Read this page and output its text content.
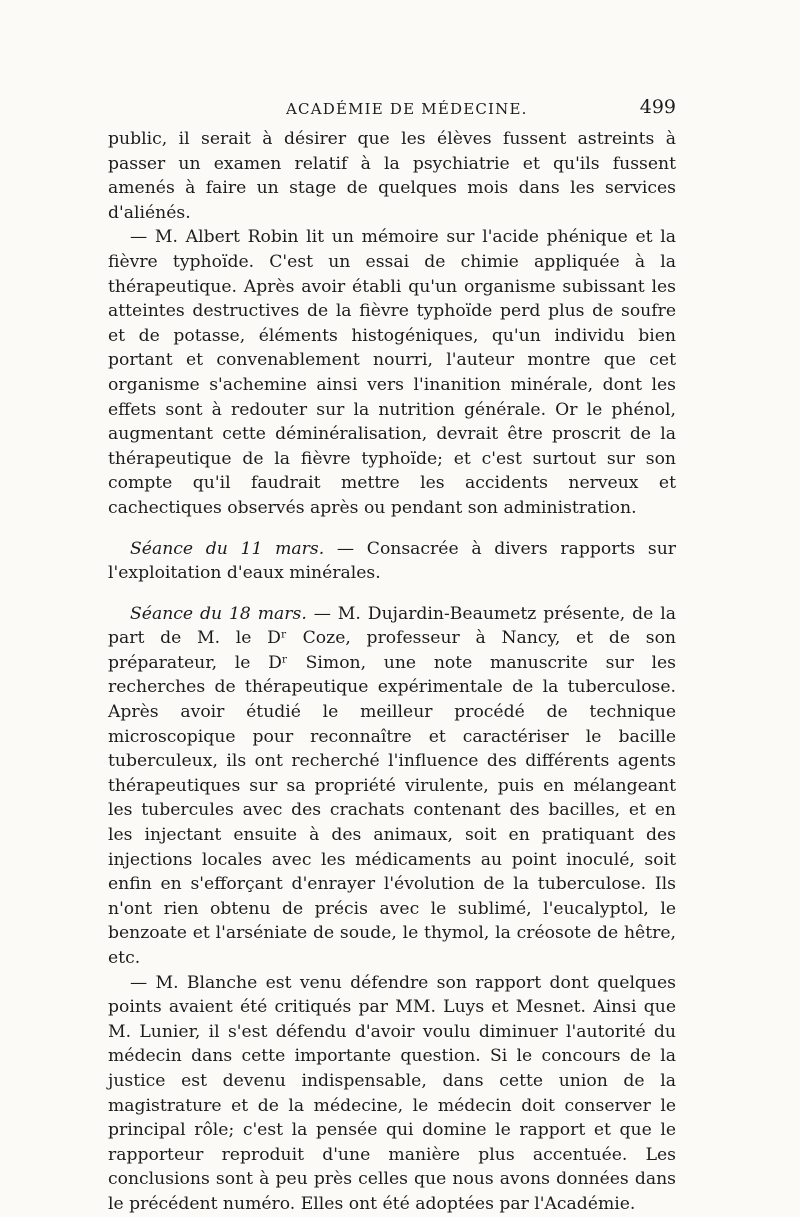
ACADÉMIE DE MÉDECINE.	499

public, il serait à désirer que les élèves fussent astreints à passer un examen relatif à la psychiatrie et qu'ils fussent amenés à faire un stage de quelques mois dans les services d'aliénés.

— M. Albert Robin lit un mémoire sur l'acide phénique et la fièvre typhoïde. C'est un essai de chimie appliquée à la thérapeutique. Après avoir établi qu'un organisme subissant les atteintes destructives de la fièvre typhoïde perd plus de soufre et de potasse, éléments histogéniques, qu'un individu bien portant et convenablement nourri, l'auteur montre que cet organisme s'achemine ainsi vers l'inanition minérale, dont les effets sont à redouter sur la nutrition générale. Or le phénol, augmentant cette déminéralisation, devrait être proscrit de la thérapeutique de la fièvre typhoïde; et c'est surtout sur son compte qu'il faudrait mettre les accidents nerveux et cachectiques observés après ou pendant son administration.

Séance du 11 mars. — Consacrée à divers rapports sur l'exploitation d'eaux minérales.

Séance du 18 mars. — M. Dujardin-Beaumetz présente, de la part de M. le Dʳ Coze, professeur à Nancy, et de son préparateur, le Dʳ Simon, une note manuscrite sur les recherches de thérapeutique expérimentale de la tuberculose. Après avoir étudié le meilleur procédé de technique microscopique pour reconnaître et caractériser le bacille tuberculeux, ils ont recherché l'influence des différents agents thérapeutiques sur sa propriété virulente, puis en mélangeant les tubercules avec des crachats contenant des bacilles, et en les injectant ensuite à des animaux, soit en pratiquant des injections locales avec les médicaments au point inoculé, soit enfin en s'efforçant d'enrayer l'évolution de la tuberculose. Ils n'ont rien obtenu de précis avec le sublimé, l'eucalyptol, le benzoate et l'arséniate de soude, le thymol, la créosote de hêtre, etc.

— M. Blanche est venu défendre son rapport dont quelques points avaient été critiqués par MM. Luys et Mesnet. Ainsi que M. Lunier, il s'est défendu d'avoir voulu diminuer l'autorité du médecin dans cette importante question. Si le concours de la justice est devenu indispensable, dans cette union de la magistrature et de la médecine, le médecin doit conserver le principal rôle; c'est la pensée qui domine le rapport et que le rapporteur reproduit d'une manière plus accentuée. Les conclusions sont à peu près celles que nous avons données dans le précédent numéro. Elles ont été adoptées par l'Académie.
